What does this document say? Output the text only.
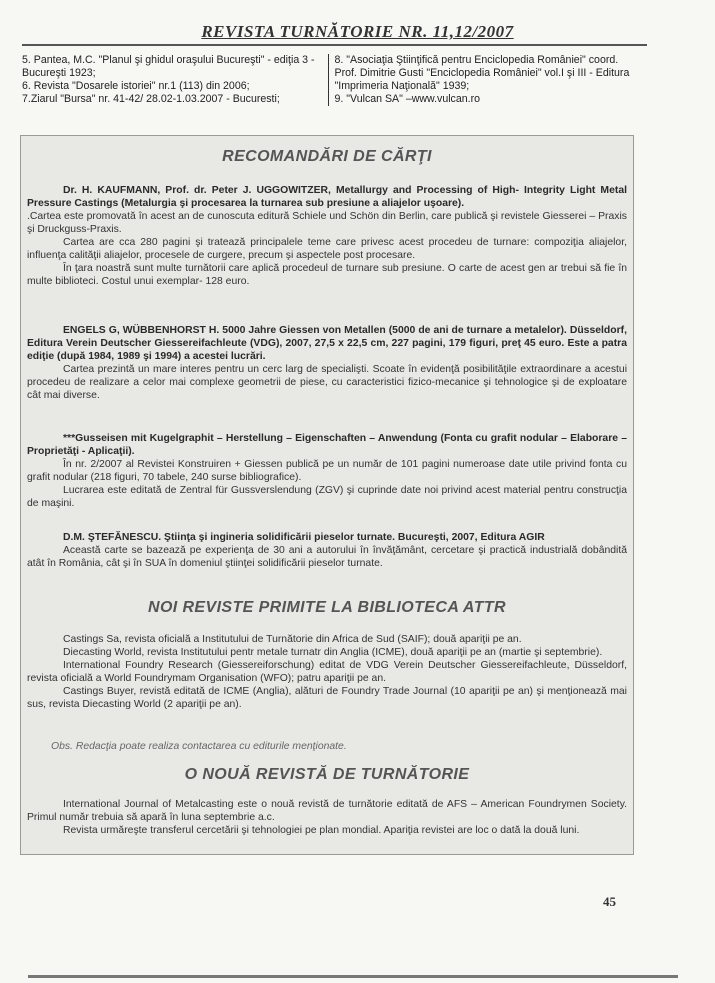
REVISTA TURNĂTORIE NR. 11,12/2007
5. Pantea, M.C. "Planul şi ghidul oraşului Bucureşti" - ediţia 3 - Bucureşti 1923;
6. Revista "Dosarele istoriei" nr.1 (113) din 2006;
7.Ziarul "Bursa" nr. 41-42/ 28.02-1.03.2007 - Bucuresti;
8. "Asociaţia Ştiinţifică pentru Enciclopedia României" coord. Prof. Dimitrie Gusti "Enciclopedia României" vol.I şi III - Editura "Imprimeria Naţională" 1939;
9. "Vulcan SA" –www.vulcan.ro
RECOMANDĂRI DE CĂRŢI

Dr. H. KAUFMANN, Prof. dr. Peter J. UGGOWITZER, Metallurgy and Processing of High- Integrity Light Metal Pressure Castings (Metalurgia şi procesarea la turnarea sub presiune a aliajelor uşoare).

.Cartea este promovată în acest an de cunoscuta editură Schiele und Schön din Berlin, care publică şi revistele Giesserei – Praxis şi Druckguss-Praxis.

Cartea are cca 280 pagini şi tratează principalele teme care privesc acest procedeu de turnare: compoziţia aliajelor, influenţa calităţii aliajelor, procesele de curgere, precum şi aspectele post procesare.

În ţara noastră sunt multe turnătorii care aplică procedeul de turnare sub presiune. O carte de acest gen ar trebui să fie în multe biblioteci. Costul unui exemplar- 128 euro.

ENGELS G, WÜBBENHORST H. 5000 Jahre Giessen von Metallen (5000 de ani de turnare a metalelor). Düsseldorf, Editura Verein Deutscher Giessereifachleute (VDG), 2007, 27,5 x 22,5 cm, 227 pagini, 179 figuri, preţ 45 euro. Este a patra ediţie (după 1984, 1989 şi 1994) a acestei lucrări.

Cartea prezintă un mare interes pentru un cerc larg de specialişti. Scoate în evidenţă posibilităţile extraordinare a acestui procedeu de realizare a celor mai complexe geometrii de piese, cu caracteristici fizico-mecanice şi tehnologice şi de exploatare cât mai diverse.

***Gusseisen mit Kugelgraphit – Herstellung – Eigenschaften – Anwendung (Fonta cu grafit nodular – Elaborare – Proprietăţi - Aplicaţii).

În nr. 2/2007 al Revistei Konstruiren + Giessen publică pe un număr de 101 pagini numeroase date utile privind fonta cu grafit nodular (218 figuri, 70 tabele, 240 surse bibliografice).

Lucrarea este editată de Zentral für Gussverslendung (ZGV) şi cuprinde date noi privind acest material pentru construcţia de maşini.

D.M. ŞTEFĂNESCU. Ştiinţa şi ingineria solidificării pieselor turnate. Bucureşti, 2007, Editura AGIR

Această carte se bazează pe experienţa de 30 ani a autorului în învăţământ, cercetare şi practică industrială dobândită atât în România, cât şi în SUA în domeniul ştiinţei solidificării pieselor turnate.

NOI REVISTE PRIMITE LA BIBLIOTECA ATTR

Castings Sa, revista oficială a Institutului de Turnătorie din Africa de Sud (SAIF); două apariţii pe an.

Diecasting World, revista Institutului pentr metale turnatr din Anglia (ICME), două apariţii pe an (martie şi septembrie).

International Foundry Research (Giessereiforschung) editat de VDG Verein Deutscher Giessereifachleute, Düsseldorf, revista oficială a World Foundrymam Organisation (WFO); patru apariţii pe an.

Castings Buyer, revistă editată de ICME (Anglia), alături de Foundry Trade Journal (10 apariţii pe an) şi menţionează mai sus, revista Diecasting World (2 apariţii pe an).

Obs. Redacţia poate realiza contactarea cu editurile menţionate.
O NOUĂ REVISTĂ DE TURNĂTORIE

International Journal of Metalcasting este o nouă revistă de turnătorie editată de AFS – American Foundrymen Society. Primul număr trebuia să apară în luna septembrie a.c.

Revista urmăreşte transferul cercetării şi tehnologiei pe plan mondial. Apariţia revistei are loc o dată la două luni.

45
